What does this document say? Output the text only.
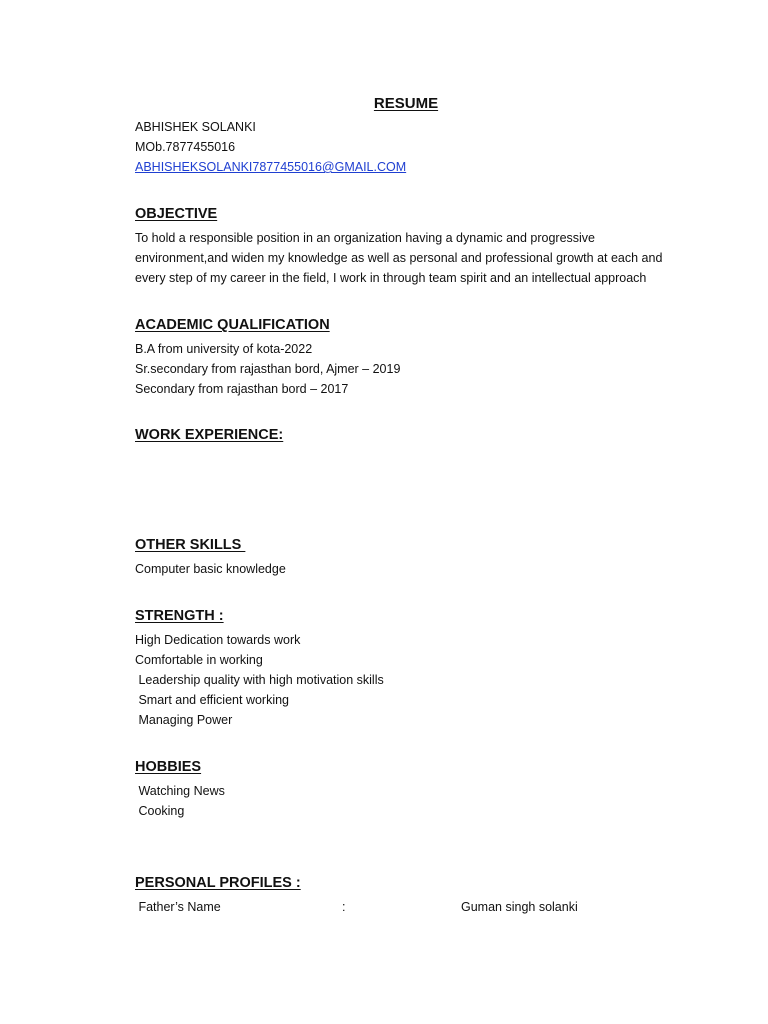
RESUME
ABHISHEK SOLANKI
MOb.7877455016
ABHISHEKSOLANKI7877455016@GMAIL.COM
OBJECTIVE
To hold a responsible position in an organization having a dynamic and progressive
environment,and widen my knowledge as well as personal and professional growth at each and
every step of my career in the field, I work in through team spirit and an intellectual approach
ACADEMIC QUALIFICATION
B.A from university of kota-2022
Sr.secondary from rajasthan bord, Ajmer – 2019
Secondary from rajasthan bord – 2017
WORK EXPERIENCE:
OTHER SKILLS
Computer basic knowledge
STRENGTH :
High Dedication towards work
Comfortable in working
Leadership quality with high motivation skills
Smart and efficient working
Managing Power
HOBBIES
Watching News
Cooking
PERSONAL PROFILES :
Father’s Name	:	Guman singh solanki
